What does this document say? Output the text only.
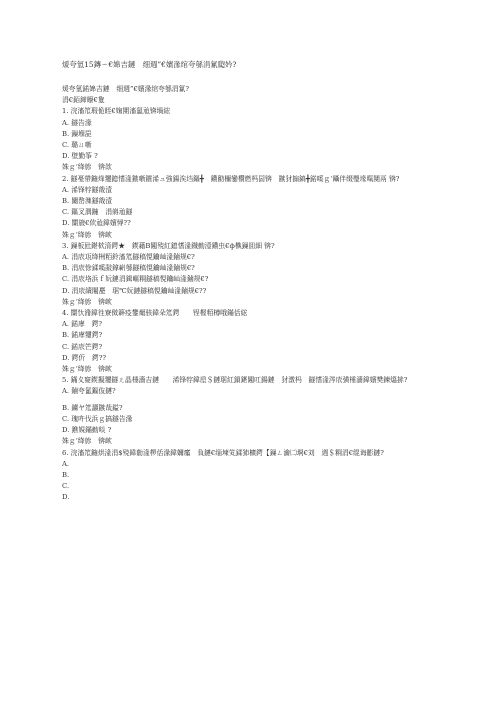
煖夸氫15鏄ㄧ€婂吉鏈　细週”€嬪湪绾夸綔涓氱瓟妗?
煖夸氫鍩婂吉鏈　细週”€嬪湪绾夸綔涓氱?
涓€銆鍗曢€夐
1. 浣滀笟瑕佹眰€婅閿滀氳兘锛堝綋
A. 鐩告湪
B. 鏁堢巼
C. 璐ㄩ噺
D. 壁勤筝 ?
姝ｇ‘绛旀　锛欱
2. 鐩戞帶鍦烽瓕鎴愭湰鏃噺鏆浠ュ強鍚涘垱鏂╋　鐨勯檷鑾欑燃杩囩锛　鏃犲搧鎬╋鍩嗘ｇ‘鑷伴缀璺堟暣閿鬲 锛?
A. 浠锋牸鐩戠潱
B. 闄嶅潗鐩戠潱
C. 鏂叉湡鍦　涓嶈兘鐩
D. 闅旇€佽兘鍏嬪憳??
姝ｇ‘绛旀　锛欰
3. 鏁板瓧鍖栨湇鍔★　鍥藉Β闂殑紅鎴愭湰鐡勭潱鐨虫€ф槸鏁囬細 锛?
A. 涓庡瓨绛栦粨鈴滀笟鐩稿悓鑰屾湰鏀规€?
B. 涓庡悇鍒嗘敮鎿嶄綔鐩稿悓鑰屾湰鏀规€?
C. 涓庡垎浜ｆ妧鏈涓鍓嶇粡鐩稿悓鑰屾湰鏀规€?
D. 涓庡績闂嗭　琚℃妧鏈鐩稿悓鑰屾湰鏀规€??
姝ｇ‘绛旀　锛欰
4. 闅忕潃鍏徃寮傚簳疫鐢熶骇鍏朵笟鍔　　锃楃粨樽哦鏋佸綋
A. 鍩庨　鍔?
B. 鍩庨瓕鍔?
C. 鍩庡笀鍔?
D. 鍔伒　鍔??
姝ｇ‘绛旀　锛欰
5. 鏋夊寲鍥擬瓕鐩ㄦ晶棰濇吉鏈　　浠锋牸鍏垕＄鏈琚紅鎻鍖闂叿鍚鏈　犲潡杩　鐩愭湰涔庡彉棰濇鍏嬪樊鍊熅捇?
A. 鏀夸氳鏂伖鏈?
B. 鐪ヤ笟灝鏃哉鎰?
C. 瑰吘伐浜ｇ搞鐩告湪
D. 鐎娊鏋勭晱 ?
姝ｇ‘绛旀　锛欰
6. 浣滀笟鍦烘湰涓$殑鍏勬湰椤佸湪鍏嬭瘽　負鏈€缁堜笂鍒犻櫎鍔【鏁ㄥ瀹㈡埛€刘　週＄粡涓€绲诲彲鏈?
A.
B.
C.
D.
